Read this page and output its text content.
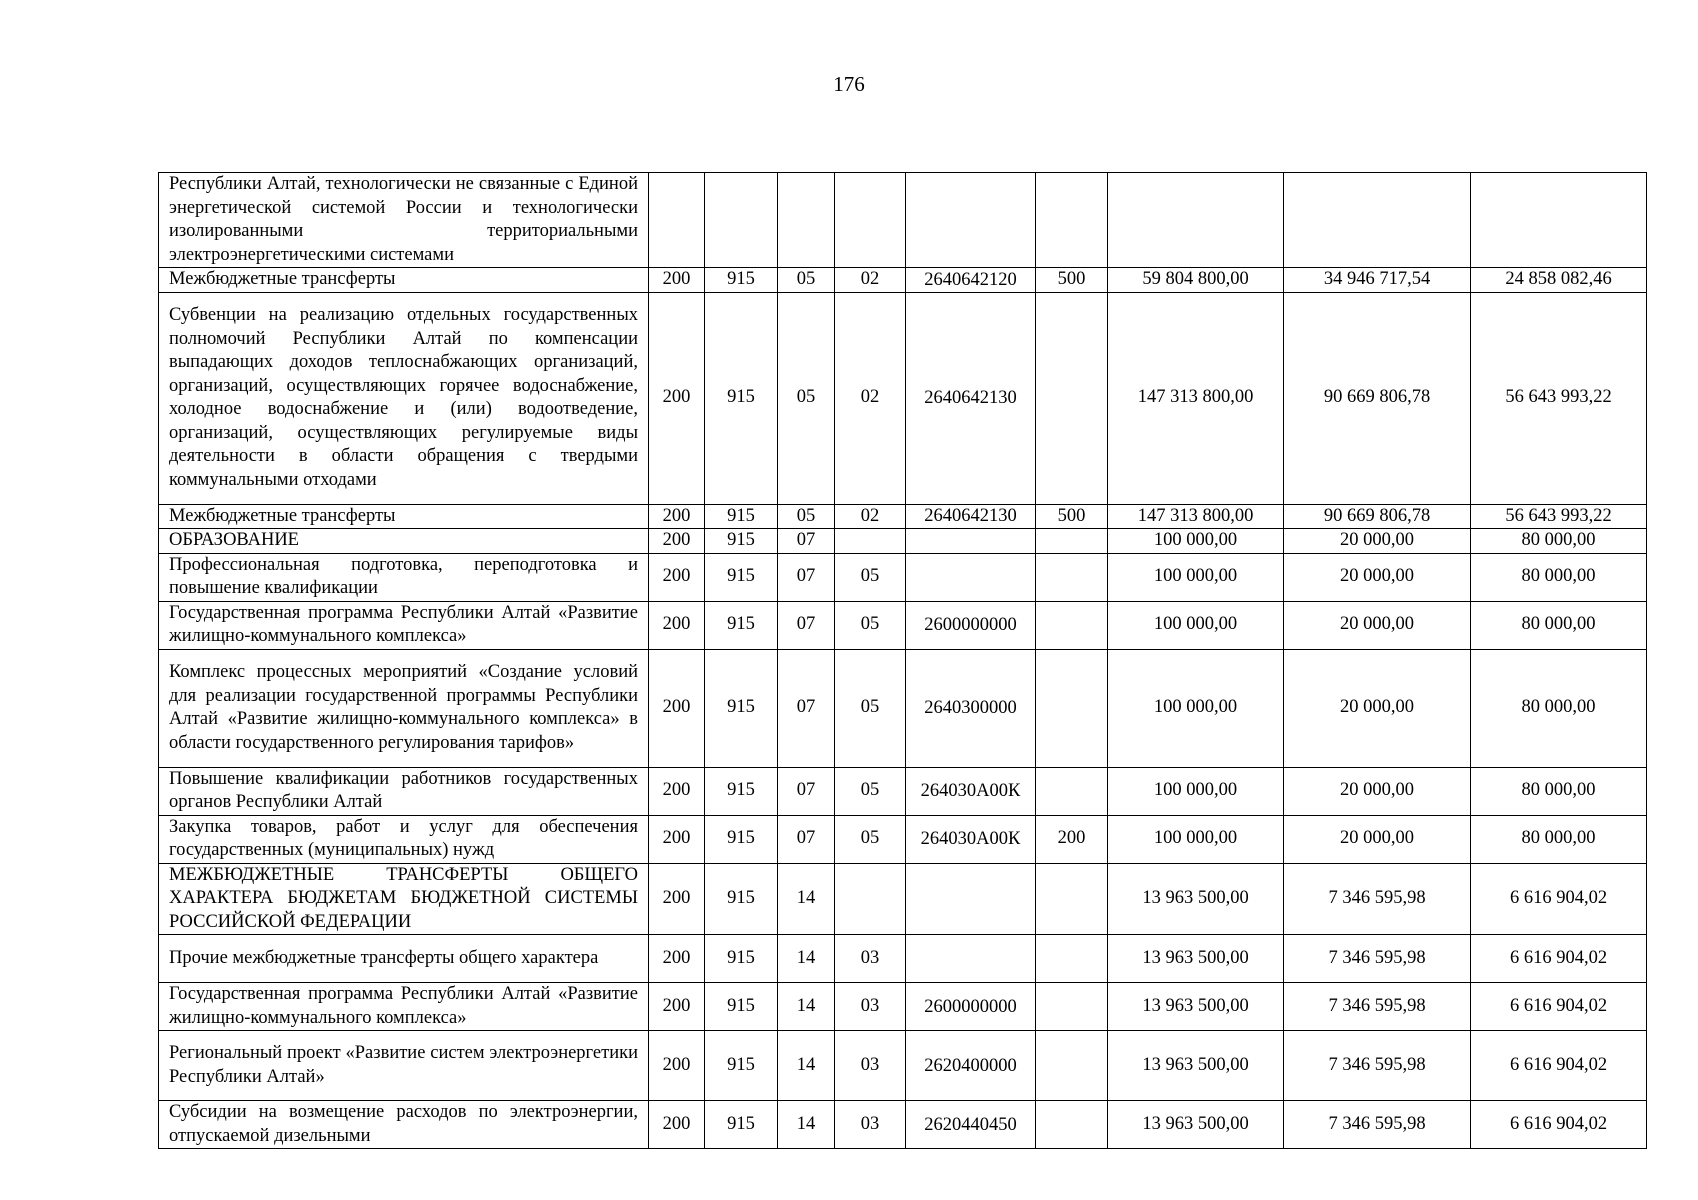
176
Республики Алтай, технологически не связанные с Единой энергетической системой России и технологически изолированными территориальными электроэнергетическими системами									
Межбюджетные трансферты	200	915	05	02	2640642120	500	59 804 800,00	34 946 717,54	24 858 082,46
Субвенции на реализацию отдельных государственных полномочий Республики Алтай по компенсации выпадающих доходов теплоснабжающих организаций, организаций, осуществляющих горячее водоснабжение, холодное водоснабжение и (или) водоотведение, организаций, осуществляющих регулируемые виды деятельности в области обращения с твердыми коммунальными отходами	200	915	05	02	2640642130		147 313 800,00	90 669 806,78	56 643 993,22
Межбюджетные трансферты	200	915	05	02	2640642130	500	147 313 800,00	90 669 806,78	56 643 993,22
ОБРАЗОВАНИЕ	200	915	07				100 000,00	20 000,00	80 000,00
Профессиональная подготовка, переподготовка и повышение квалификации	200	915	07	05			100 000,00	20 000,00	80 000,00
Государственная программа Республики Алтай «Развитие жилищно-коммунального комплекса»	200	915	07	05	2600000000		100 000,00	20 000,00	80 000,00
Комплекс процессных мероприятий «Создание условий для реализации государственной программы Республики Алтай «Развитие жилищно-коммунального комплекса» в области государственного регулирования тарифов»	200	915	07	05	2640300000		100 000,00	20 000,00	80 000,00
Повышение квалификации работников государственных органов Республики Алтай	200	915	07	05	264030А00К		100 000,00	20 000,00	80 000,00
Закупка товаров, работ и услуг для обеспечения государственных (муниципальных) нужд	200	915	07	05	264030А00К	200	100 000,00	20 000,00	80 000,00
МЕЖБЮДЖЕТНЫЕ ТРАНСФЕРТЫ ОБЩЕГО ХАРАКТЕРА БЮДЖЕТАМ БЮДЖЕТНОЙ СИСТЕМЫ РОССИЙСКОЙ ФЕДЕРАЦИИ	200	915	14				13 963 500,00	7 346 595,98	6 616 904,02
Прочие межбюджетные трансферты общего характера	200	915	14	03			13 963 500,00	7 346 595,98	6 616 904,02
Государственная программа Республики Алтай «Развитие жилищно-коммунального комплекса»	200	915	14	03	2600000000		13 963 500,00	7 346 595,98	6 616 904,02
Региональный проект «Развитие систем электроэнергетики Республики Алтай»	200	915	14	03	2620400000		13 963 500,00	7 346 595,98	6 616 904,02
Субсидии на возмещение расходов по электроэнергии, отпускаемой дизельными	200	915	14	03	2620440450		13 963 500,00	7 346 595,98	6 616 904,02
